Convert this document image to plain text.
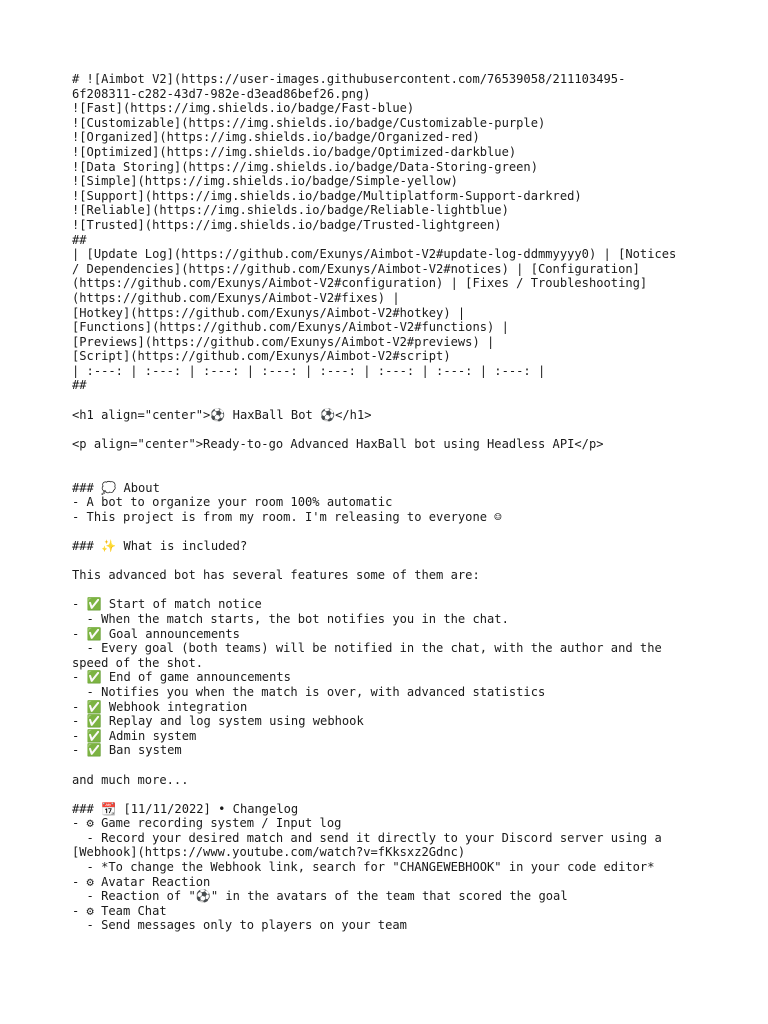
# ![Aimbot V2](https://user-images.githubusercontent.com/76539058/211103495-
6f208311-c282-43d7-982e-d3ead86bef26.png)
![Fast](https://img.shields.io/badge/Fast-blue)
![Customizable](https://img.shields.io/badge/Customizable-purple)
![Organized](https://img.shields.io/badge/Organized-red)
![Optimized](https://img.shields.io/badge/Optimized-darkblue)
![Data Storing](https://img.shields.io/badge/Data-Storing-green)
![Simple](https://img.shields.io/badge/Simple-yellow)
![Support](https://img.shields.io/badge/Multiplatform-Support-darkred)
![Reliable](https://img.shields.io/badge/Reliable-lightblue)
![Trusted](https://img.shields.io/badge/Trusted-lightgreen)
##
| [Update Log](https://github.com/Exunys/Aimbot-V2#update-log-ddmmyyyy0) | [Notices
/ Dependencies](https://github.com/Exunys/Aimbot-V2#notices) | [Configuration]
(https://github.com/Exunys/Aimbot-V2#configuration) | [Fixes / Troubleshooting]
(https://github.com/Exunys/Aimbot-V2#fixes) |
[Hotkey](https://github.com/Exunys/Aimbot-V2#hotkey) |
[Functions](https://github.com/Exunys/Aimbot-V2#functions) |
[Previews](https://github.com/Exunys/Aimbot-V2#previews) |
[Script](https://github.com/Exunys/Aimbot-V2#script)
| :---: | :---: | :---: | :---: | :---: | :---: | :---: | :---: |
##
<h1 align="center">⚽ HaxBall Bot ⚽</h1>
<p align="center">Ready-to-go Advanced HaxBall bot using Headless API</p>
### 💭 About
- A bot to organize your room 100% automatic
- This project is from my room. I'm releasing to everyone ☺
### ✨ What is included?
This advanced bot has several features some of them are:
- ✅ Start of match notice
- When the match starts, the bot notifies you in the chat.
- ✅ Goal announcements
- Every goal (both teams) will be notified in the chat, with the author and the
speed of the shot.
- ✅ End of game announcements
- Notifies you when the match is over, with advanced statistics
- ✅ Webhook integration
- ✅ Replay and log system using webhook
- ✅ Admin system
- ✅ Ban system
and much more...
### 📆 [11/11/2022] • Changelog
- ⚙ Game recording system / Input log
- Record your desired match and send it directly to your Discord server using a
[Webhook](https://www.youtube.com/watch?v=fKksxz2Gdnc)
- *To change the Webhook link, search for "CHANGEWEBHOOK" in your code editor*
- ⚙ Avatar Reaction
- Reaction of "⚽" in the avatars of the team that scored the goal
- ⚙ Team Chat
- Send messages only to players on your team
